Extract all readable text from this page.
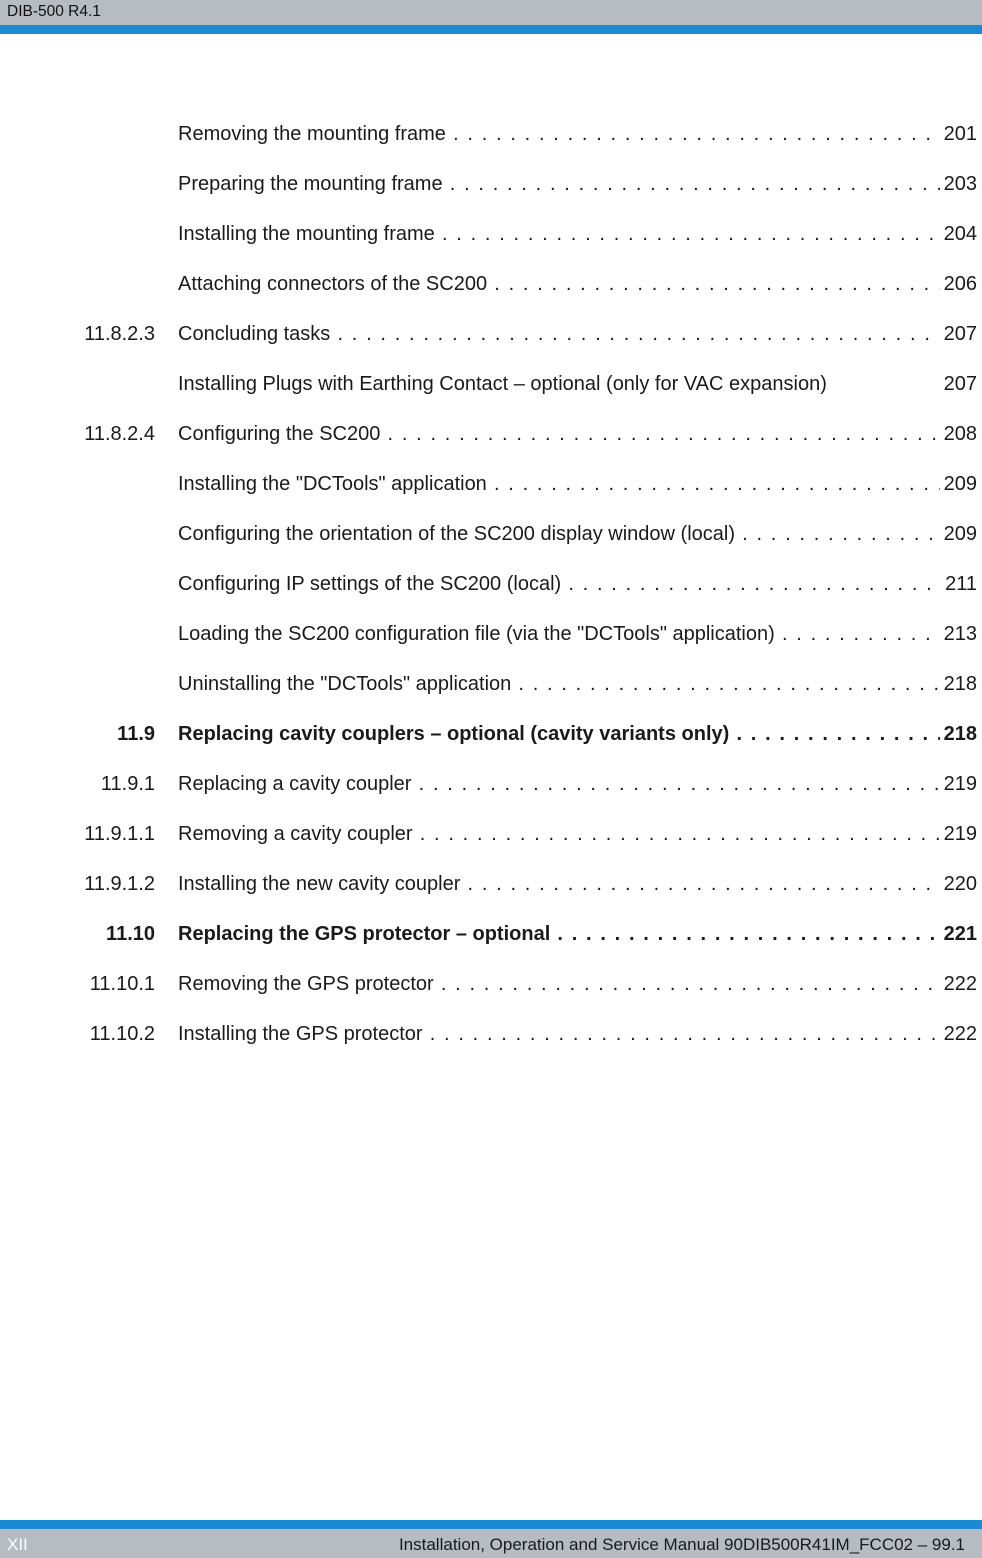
DIB-500 R4.1
Removing the mounting frame . . .	201
Preparing the mounting frame . . .	203
Installing the mounting frame . . .	204
Attaching connectors of the SC200 . . .	206
11.8.2.3 Concluding tasks . . .	207
Installing Plugs with Earthing Contact – optional (only for VAC expansion)	207
11.8.2.4 Configuring the SC200 . . .	208
Installing the "DCTools" application . . .	209
Configuring the orientation of the SC200 display window (local) . . .	209
Configuring IP settings of the SC200 (local) . . .	211
Loading the SC200 configuration file (via the "DCTools" application) . . .	213
Uninstalling the "DCTools" application . . .	218
11.9 Replacing cavity couplers – optional (cavity variants only) . . .	218
11.9.1 Replacing a cavity coupler . . .	219
11.9.1.1 Removing a cavity coupler . . .	219
11.9.1.2 Installing the new cavity coupler . . .	220
11.10 Replacing the GPS protector – optional . . .	221
11.10.1 Removing the GPS protector . . .	222
11.10.2 Installing the GPS protector . . .	222
XII	Installation, Operation and Service Manual 90DIB500R41IM_FCC02 – 99.1
